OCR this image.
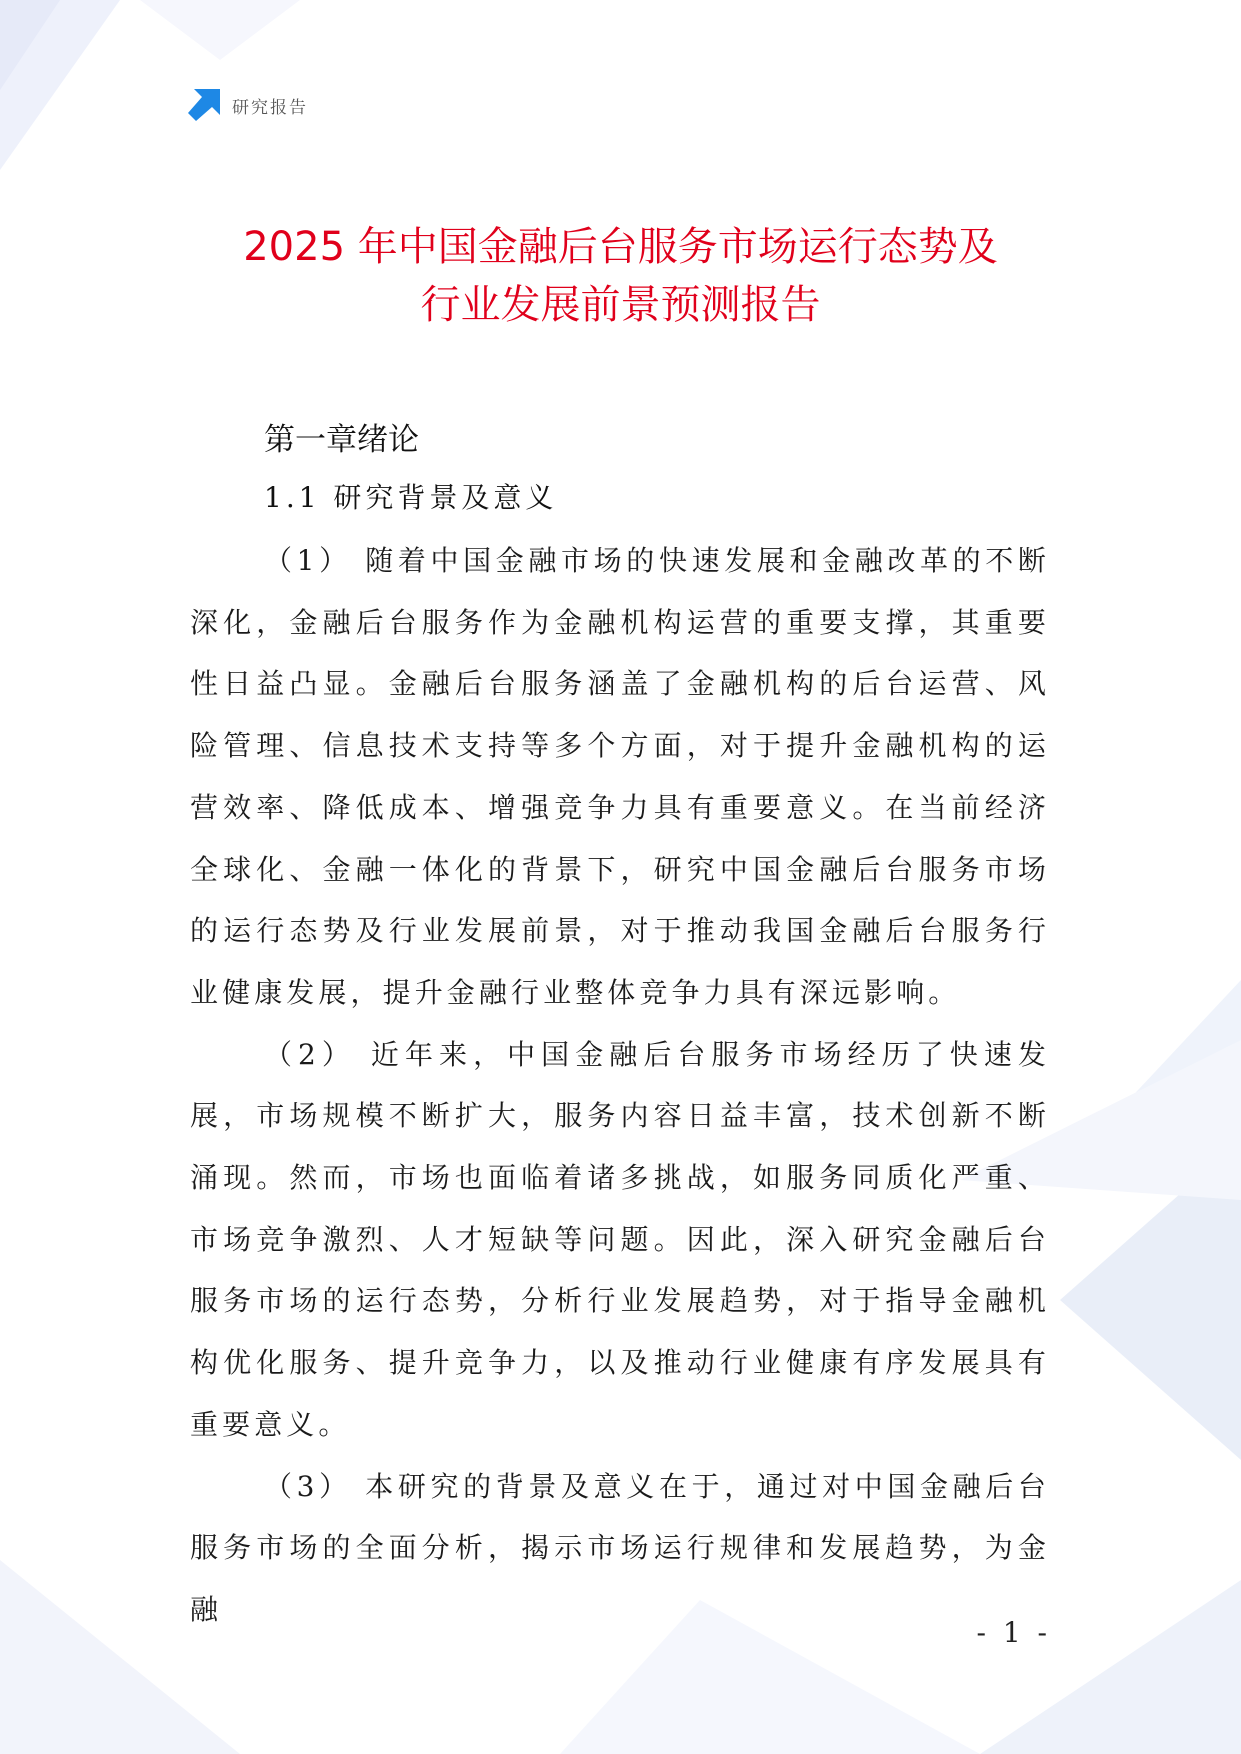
研究报告
2025 年中国金融后台服务市场运行态势及
行业发展前景预测报告
第一章绪论
1.1 研究背景及意义

（1） 随着中国金融市场的快速发展和金融改革的不断深化，金融后台服务作为金融机构运营的重要支撑，其重要性日益凸显。金融后台服务涵盖了金融机构的后台运营、风险管理、信息技术支持等多个方面，对于提升金融机构的运营效率、降低成本、增强竞争力具有重要意义。在当前经济全球化、金融一体化的背景下，研究中国金融后台服务市场的运行态势及行业发展前景，对于推动我国金融后台服务行业健康发展，提升金融行业整体竞争力具有深远影响。

（2） 近年来，中国金融后台服务市场经历了快速发展，市场规模不断扩大，服务内容日益丰富，技术创新不断涌现。然而，市场也面临着诸多挑战，如服务同质化严重、市场竞争激烈、人才短缺等问题。因此，深入研究金融后台服务市场的运行态势，分析行业发展趋势，对于指导金融机构优化服务、提升竞争力，以及推动行业健康有序发展具有重要意义。

（3） 本研究的背景及意义在于，通过对中国金融后台服务市场的全面分析，揭示市场运行规律和发展趋势，为金融

- 1 -
